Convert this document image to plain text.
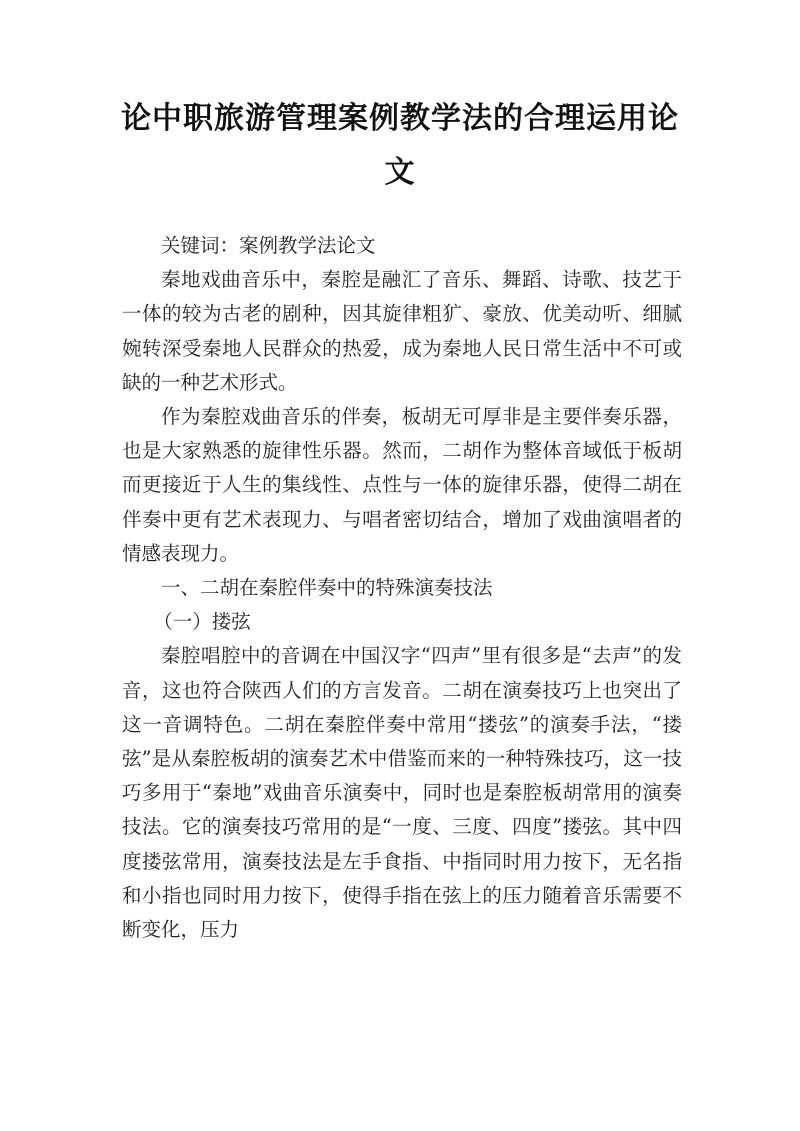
论中职旅游管理案例教学法的合理运用论文

关键词：案例教学法论文

秦地戏曲音乐中，秦腔是融汇了音乐、舞蹈、诗歌、技艺于一体的较为古老的剧种，因其旋律粗犷、豪放、优美动听、细腻婉转深受秦地人民群众的热爱，成为秦地人民日常生活中不可或缺的一种艺术形式。

作为秦腔戏曲音乐的伴奏，板胡无可厚非是主要伴奏乐器，也是大家熟悉的旋律性乐器。然而，二胡作为整体音域低于板胡而更接近于人生的集线性、点性与一体的旋律乐器，使得二胡在伴奏中更有艺术表现力、与唱者密切结合，增加了戏曲演唱者的情感表现力。

一、二胡在秦腔伴奏中的特殊演奏技法

（一）搂弦

秦腔唱腔中的音调在中国汉字“四声”里有很多是“去声”的发音，这也符合陕西人们的方言发音。二胡在演奏技巧上也突出了这一音调特色。二胡在秦腔伴奏中常用“搂弦”的演奏手法，“搂弦”是从秦腔板胡的演奏艺术中借鉴而来的一种特殊技巧，这一技巧多用于“秦地”戏曲音乐演奏中，同时也是秦腔板胡常用的演奏技法。它的演奏技巧常用的是“一度、三度、四度”搂弦。其中四度搂弦常用，演奏技法是左手食指、中指同时用力按下，无名指和小指也同时用力按下，使得手指在弦上的压力随着音乐需要不断变化，压力
